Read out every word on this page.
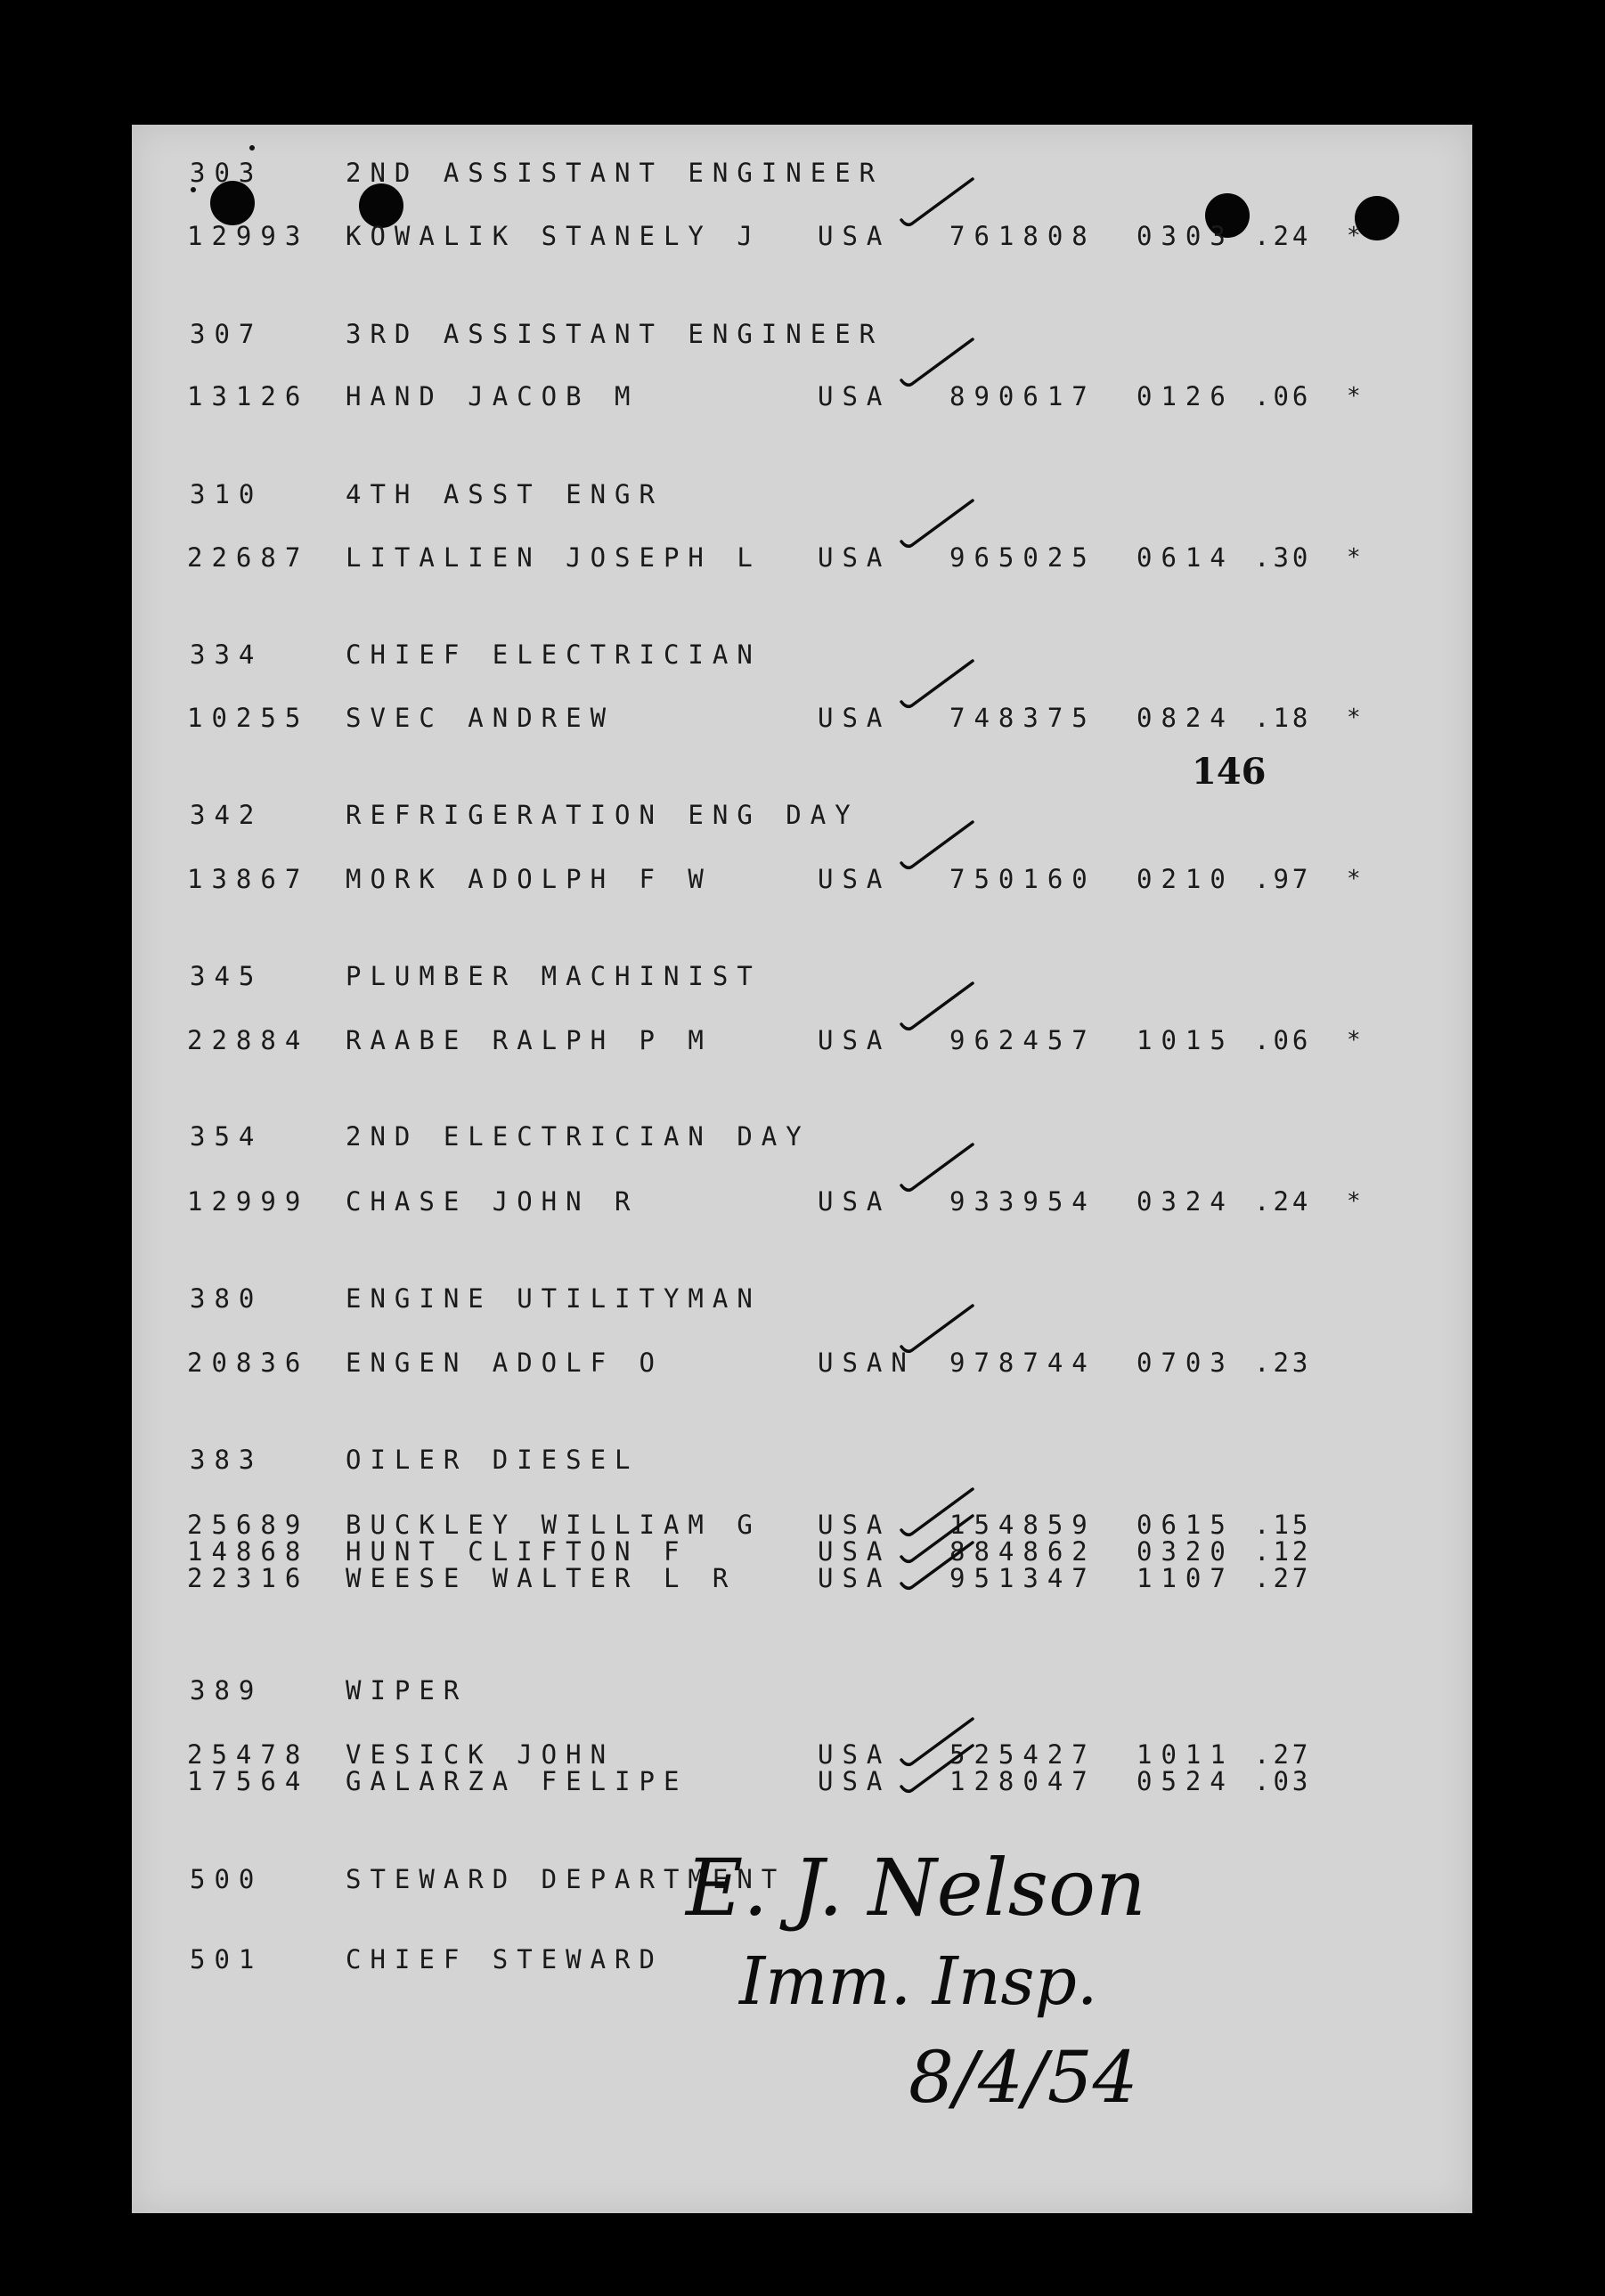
303	2ND ASSISTANT ENGINEER
12993 KOWALIK STANELY J USA 761808 0303 .24 *
307	3RD ASSISTANT ENGINEER
13126 HAND JACOB M	USA 890617 0126 .06 *
310	4TH ASST ENGR
22687 LITALIEN JOSEPH L USA 965025 0614 .30 *
334	CHIEF ELECTRICIAN
10255 SVEC ANDREW	USA 748375 0824 .18 *
342	REFRIGERATION ENG DAY
13867 MORK ADOLPH F W	USA 750160 0210 .97 *
345	PLUMBER MACHINIST
22884 RAABE RALPH P M	USA 962457 1015 .06 *
354	2ND ELECTRICIAN DAY
12999 CHASE JOHN R	USA 933954 0324 .24 *
380	ENGINE UTILITYMAN
20836 ENGEN ADOLF O	USAN 978744 0703 .23
383	OILER DIESEL
25689 BUCKLEY WILLIAM G USA 154859 0615 .15
14868 HUNT CLIFTON F	USA 884862 0320 .12
22316 WEESE WALTER L R	USA 951347 1107 .27
389	WIPER
25478 VESICK JOHN	USA 525427 1011 .27
17564 GALARZA FELIPE	USA 128047 0524 .03
500	STEWARD DEPARTMENT
501	CHIEF STEWARD
146
E. J. Nelson
Imm. Insp.
8/4/54
